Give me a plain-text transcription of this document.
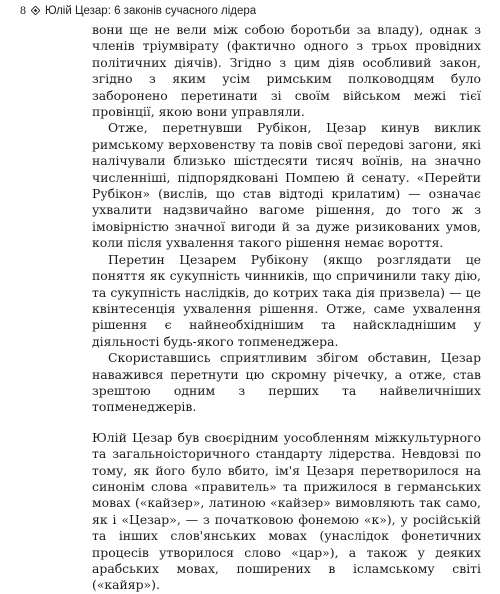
8 Юлій Цезар: 6 законів сучасного лідера

вони ще не вели між собою боротьби за владу), однак з членів тріумвірату (фактично одного з трьох провідних політичних діячів). Згідно з цим діяв особливий закон, згідно з яким усім римським полководцям було заборонено перетинати зі своїм військом межі тієї провінції, якою вони управляли.

Отже, перетнувши Рубікон, Цезар кинув виклик римському верховенству та повів свої передові загони, які налічували близько шістдесяти тисяч воїнів, на значно численніші, підпорядковані Помпею й сенату. «Перейти Рубікон» (вислів, що став відтоді крилатим) — означає ухвалити надзвичайно вагоме рішення, до того ж з імовірністю значної вигоди й за дуже ризикованих умов, коли після ухвалення такого рішення немає вороття.

Перетин Цезарем Рубікону (якщо розглядати це поняття як сукупність чинників, що спричинили таку дію, та сукупність наслідків, до котрих така дія призвела) — це квінтесенція ухвалення рішення. Отже, саме ухвалення рішення є найнеобхіднішим та найскладнішим у діяльності будь-якого топменеджера.

Скориставшись сприятливим збігом обставин, Цезар наважився перетнути цю скромну річечку, а отже, став зрештою одним з перших та найвеличніших топменеджерів.

Юлій Цезар був своєрідним уособленням міжкультурного та загальноісторичного стандарту лідерства. Невдовзі по тому, як його було вбито, ім'я Цезаря перетворилося на синонім слова «правитель» та прижилося в германських мовах («кайзер», латиною «кайзер» вимовляють так само, як і «Цезар», — з початковою фонемою «к»), у російській та інших слов'янських мовах (унаслідок фонетичних процесів утворилося слово «цар»), а також у деяких арабських мовах, поширених в ісламському світі («кайяр»).
